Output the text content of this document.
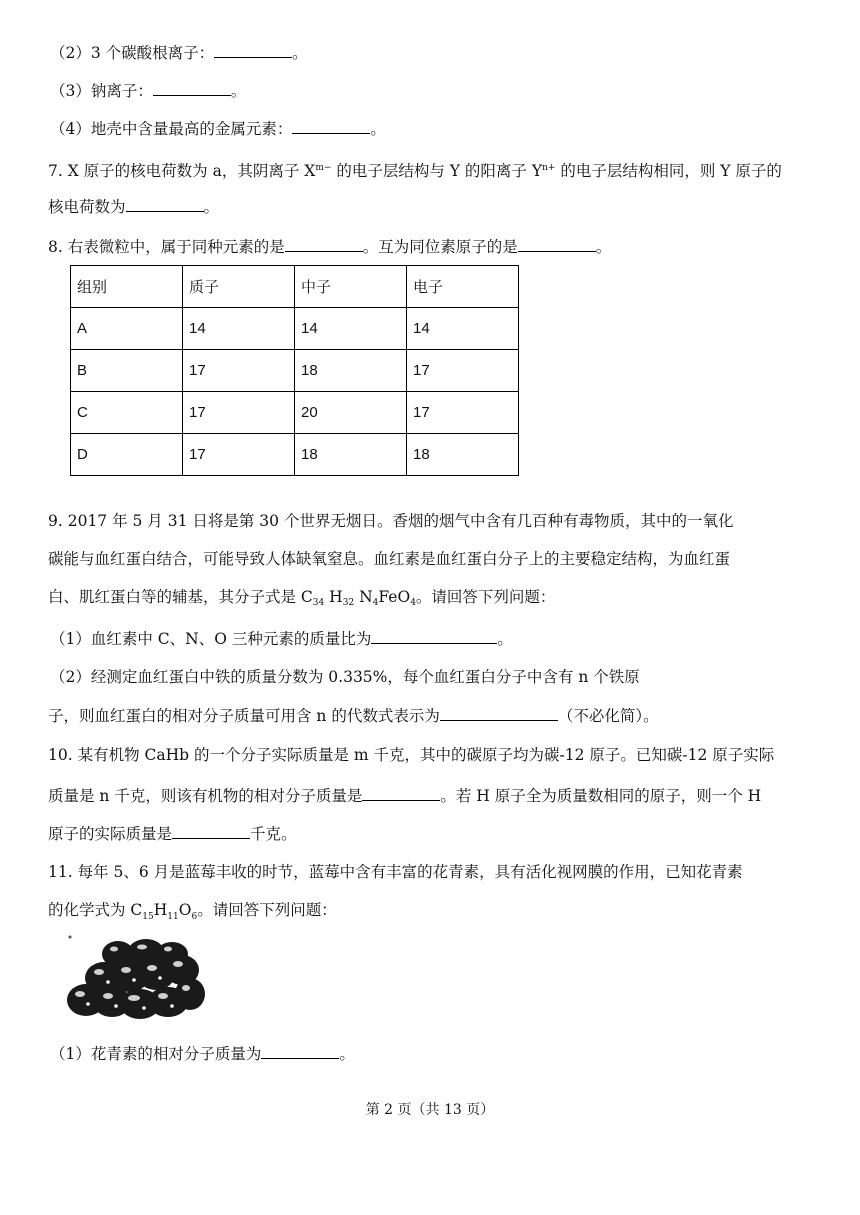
（2）3 个碳酸根离子：	。
（3）钠离子：	。
（4）地壳中含量最高的金属元素：	。
7. X 原子的核电荷数为 a，其阴离子 $X^{m-}$ 的电子层结构与 Y 的阳离子 $Y^{n+}$ 的电子层结构相同，则 Y 原子的
核电荷数为	。
8. 右表微粒中，属于同种元素的是	。互为同位素原子的是	。
组别	质子	中子	电子
A	14	14	14
B	17	18	17
C	17	20	17
D	17	18	18
9. 2017 年 5 月 31 日将是第 30 个世界无烟日。香烟的烟气中含有几百种有毒物质，其中的一氧化
碳能与血红蛋白结合，可能导致人体缺氧窒息。血红素是血红蛋白分子上的主要稳定结构，为血红蛋
白、肌红蛋白等的辅基，其分子式是 C34 H32 N4FeO4。请回答下列问题：
（1）血红素中 C、N、O 三种元素的质量比为	。
（2）经测定血红蛋白中铁的质量分数为 0.335%，每个血红蛋白分子中含有 n 个铁原
子，则血红蛋白的相对分子质量可用含 n 的代数式表示为	（不必化简）。
10. 某有机物 CaHb 的一个分子实际质量是 m 千克，其中的碳原子均为碳-12 原子。已知碳-12 原子实际
质量是 n 千克，则该有机物的相对分子质量是	。若 H 原子全为质量数相同的原子，则一个 H
原子的实际质量是	千克。
11. 每年 5、6 月是蓝莓丰收的时节，蓝莓中含有丰富的花青素，具有活化视网膜的作用，已知花青素
的化学式为 $C_{15}H_{11}O_6$。请回答下列问题：
（1）花青素的相对分子质量为	。
第 2 页（共 13 页）
